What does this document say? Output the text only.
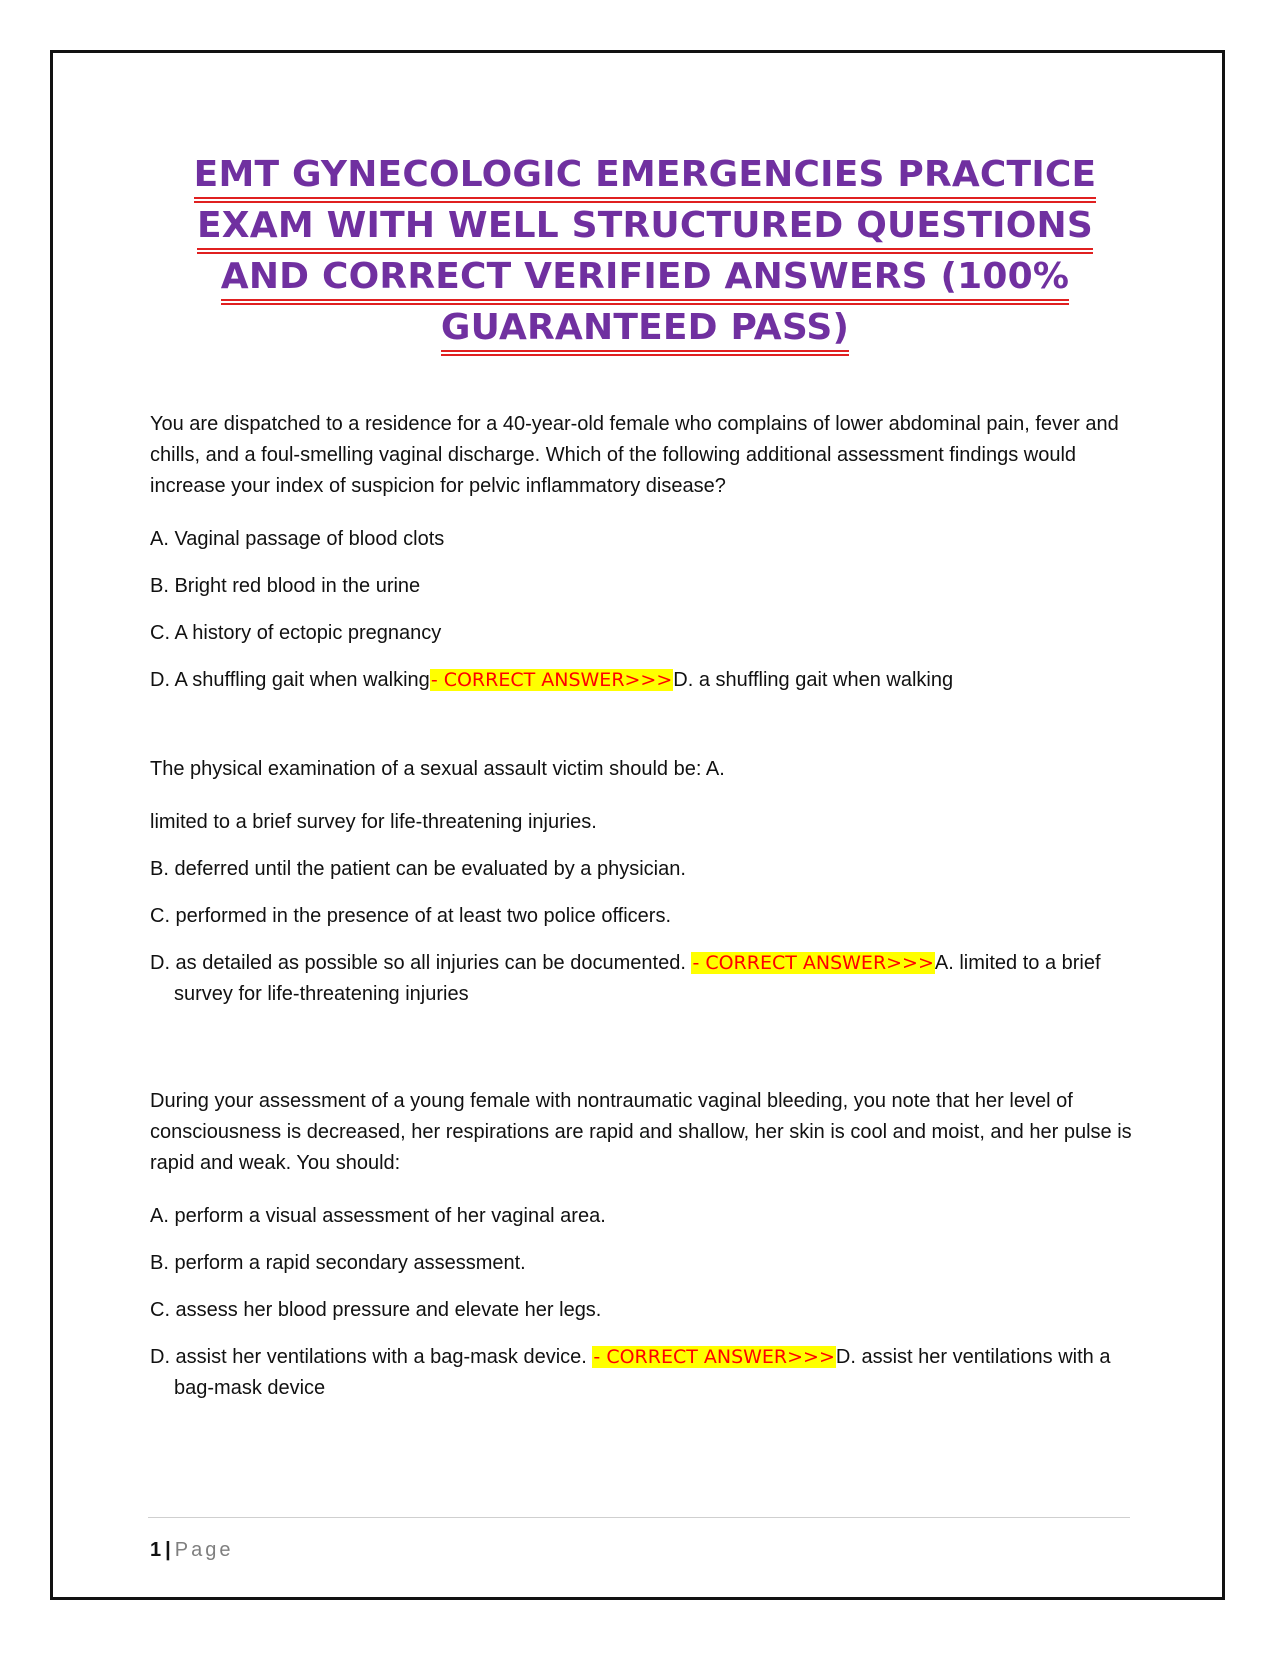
EMT GYNECOLOGIC EMERGENCIES PRACTICE
EXAM WITH WELL STRUCTURED QUESTIONS
AND CORRECT VERIFIED ANSWERS (100%
GUARANTEED PASS)

You are dispatched to a residence for a 40-year-old female who complains of lower abdominal pain, fever and chills, and a foul-smelling vaginal discharge. Which of the following additional assessment findings would increase your index of suspicion for pelvic inflammatory disease?

A. Vaginal passage of blood clots

B. Bright red blood in the urine

C. A history of ectopic pregnancy

D. A shuffling gait when walking- CORRECT ANSWER>>>D. a shuffling gait when walking

The physical examination of a sexual assault victim should be: A.

limited to a brief survey for life-threatening injuries.

B. deferred until the patient can be evaluated by a physician.

C. performed in the presence of at least two police officers.

D. as detailed as possible so all injuries can be documented. - CORRECT ANSWER>>>A. limited to a brief survey for life-threatening injuries

During your assessment of a young female with nontraumatic vaginal bleeding, you note that her level of consciousness is decreased, her respirations are rapid and shallow, her skin is cool and moist, and her pulse is rapid and weak. You should:

A. perform a visual assessment of her vaginal area.

B. perform a rapid secondary assessment.

C. assess her blood pressure and elevate her legs.

D. assist her ventilations with a bag-mask device. - CORRECT ANSWER>>>D. assist her ventilations with a bag-mask device

1 | Page
